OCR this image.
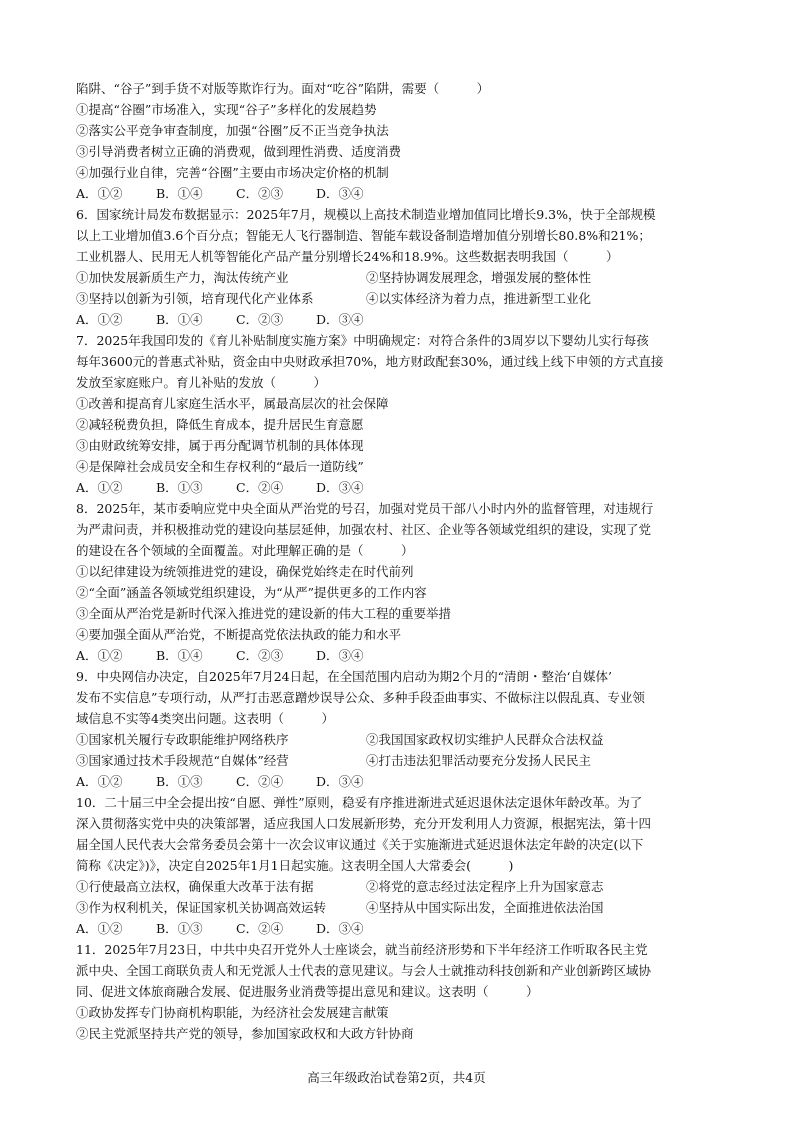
陷阱、“谷子”到手货不对版等欺诈行为。面对“吃谷”陷阱，需要（　　　）
①提高“谷圈”市场准入，实现“谷子”多样化的发展趋势
②落实公平竞争审查制度，加强“谷圈”反不正当竞争执法
③引导消费者树立正确的消费观，做到理性消费、适度消费
④加强行业自律，完善“谷圈”主要由市场决定价格的机制
A．①②	B．①④	C．②③	D．③④
6．国家统计局发布数据显示：2025年7月，规模以上高技术制造业增加值同比增长9.3%，快于全部规模
以上工业增加值3.6个百分点；智能无人飞行器制造、智能车载设备制造增加值分别增长80.8%和21%；
工业机器人、民用无人机等智能化产品产量分别增长24%和18.9%。这些数据表明我国（　　　）
①加快发展新质生产力，淘汰传统产业	②坚持协调发展理念，增强发展的整体性
③坚持以创新为引领，培育现代化产业体系	④以实体经济为着力点，推进新型工业化
A．①②	B．①④	C．②③	D．③④
7．2025年我国印发的《育儿补贴制度实施方案》中明确规定：对符合条件的3周岁以下婴幼儿实行每孩
每年3600元的普惠式补贴，资金由中央财政承担70%，地方财政配套30%，通过线上线下申领的方式直接
发放至家庭账户。育儿补贴的发放（　　　）
①改善和提高育儿家庭生活水平，属最高层次的社会保障
②减轻税费负担，降低生育成本，提升居民生育意愿
③由财政统筹安排，属于再分配调节机制的具体体现
④是保障社会成员安全和生存权利的“最后一道防线”
A．①②	B．①③	C．②④	D．③④
8．2025年，某市委响应党中央全面从严治党的号召，加强对党员干部八小时内外的监督管理，对违规行
为严肃问责，并积极推动党的建设向基层延伸，加强农村、社区、企业等各领域党组织的建设，实现了党
的建设在各个领域的全面覆盖。对此理解正确的是（　　　）
①以纪律建设为统领推进党的建设，确保党始终走在时代前列
②“全面”涵盖各领域党组织建设，为“从严”提供更多的工作内容
③全面从严治党是新时代深入推进党的建设新的伟大工程的重要举措
④要加强全面从严治党，不断提高党依法执政的能力和水平
A．①②	B．①④	C．②③	D．③④
9．中央网信办决定，自2025年7月24日起，在全国范围内启动为期2个月的“清朗・整治‘自媒体’
发布不实信息”专项行动，从严打击恶意蹭炒误导公众、多种手段歪曲事实、不做标注以假乱真、专业领
域信息不实等4类突出问题。这表明（　　　）
①国家机关履行专政职能维护网络秩序	②我国国家政权切实维护人民群众合法权益
③国家通过技术手段规范“自媒体”经营	④打击违法犯罪活动要充分发扬人民民主
A．①②	B．①③	C．②④	D．③④
10．二十届三中全会提出按“自愿、弹性”原则，稳妥有序推进渐进式延迟退休法定退休年龄改革。为了
深入贯彻落实党中央的决策部署，适应我国人口发展新形势，充分开发利用人力资源，根据宪法，第十四
届全国人民代表大会常务委员会第十一次会议审议通过《关于实施渐进式延迟退休法定年龄的决定(以下
简称《决定》)》，决定自2025年1月1日起实施。这表明全国人大常委会(　　　)
①行使最高立法权，确保重大改革于法有据	②将党的意志经过法定程序上升为国家意志
③作为权利机关，保证国家机关协调高效运转	④坚持从中国实际出发，全面推进依法治国
A．①②	B．①③	C．②④	D．③④
11．2025年7月23日，中共中央召开党外人士座谈会，就当前经济形势和下半年经济工作听取各民主党
派中央、全国工商联负责人和无党派人士代表的意见建议。与会人士就推动科技创新和产业创新跨区域协
同、促进文体旅商融合发展、促进服务业消费等提出意见和建议。这表明（　　　）
①政协发挥专门协商机构职能，为经济社会发展建言献策
②民主党派坚持共产党的领导，参加国家政权和大政方针协商
高三年级政治试卷第2页，共4页
